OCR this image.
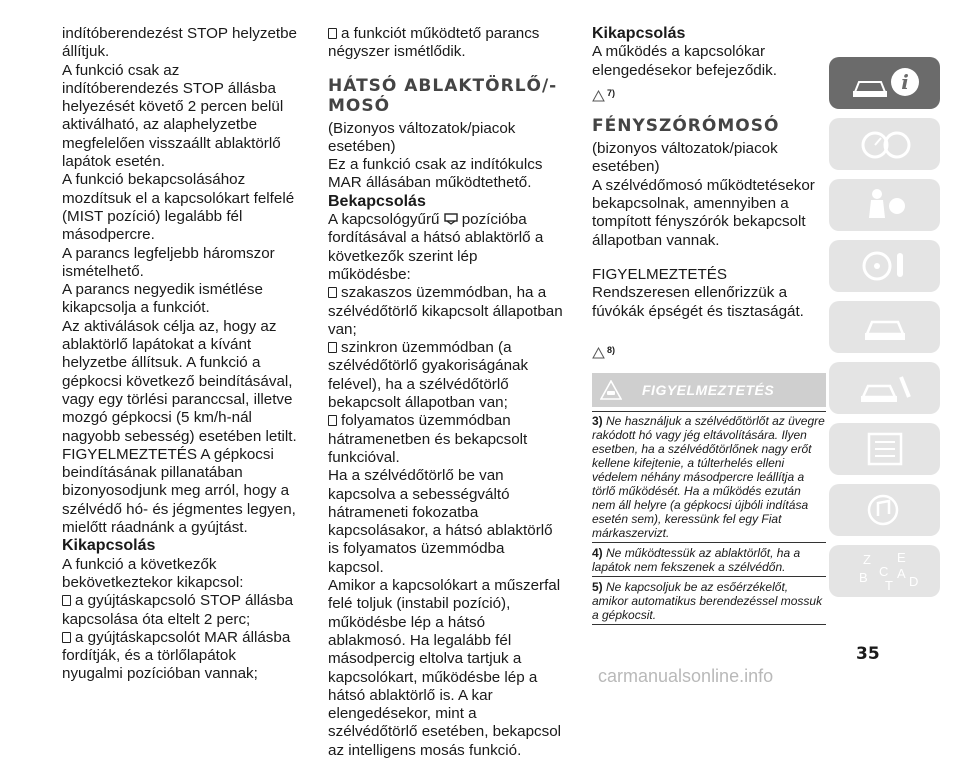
indítóberendezést STOP helyzetbe állítjuk.

A funkció csak az indítóberendezés STOP állásba helyezését követő 2 percen belül aktiválható, az alaphelyzetbe megfelelően visszaállt ablaktörlő lapátok esetén.

A funkció bekapcsolásához mozdítsuk el a kapcsolókart felfelé (MIST pozíció) legalább fél másodpercre.

A parancs legfeljebb háromszor ismételhető.

A parancs negyedik ismétlése kikapcsolja a funkciót.

Az aktiválások célja az, hogy az ablaktörlő lapátokat a kívánt helyzetbe állítsuk. A funkció a gépkocsi következő beindításával, vagy egy törlési paranccsal, illetve mozgó gépkocsi (5 km/h-nál nagyobb sebesség) esetében letilt.

FIGYELMEZTETÉS A gépkocsi beindításának pillanatában bizonyosodjunk meg arról, hogy a szélvédő hó- és jégmentes legyen, mielőtt ráadnánk a gyújtást.

Kikapcsolás

A funkció a következők bekövetkeztekor kikapcsol:

a gyújtáskapcsoló STOP állásba kapcsolása óta eltelt 2 perc;

a gyújtáskapcsolót MAR állásba fordítják, és a törlőlapátok nyugalmi pozícióban vannak;

a funkciót működtető parancs négyszer ismétlődik.

HÁTSÓ ABLAKTÖRLŐ/-MOSÓ

(Bizonyos változatok/piacok esetében)

Ez a funkció csak az indítókulcs MAR állásában működtethető.

Bekapcsolás

A kapcsológyűrű pozícióba fordításával a hátsó ablaktörlő a következők szerint lép működésbe:

szakaszos üzemmódban, ha a szélvédőtörlő kikapcsolt állapotban van;

szinkron üzemmódban (a szélvédőtörlő gyakoriságának felével), ha a szélvédőtörlő bekapcsolt állapotban van;

folyamatos üzemmódban hátramenetben és bekapcsolt funkcióval.

Ha a szélvédőtörlő be van kapcsolva a sebességváltó hátrameneti fokozatba kapcsolásakor, a hátsó ablaktörlő is folyamatos üzemmódba kapcsol.

Amikor a kapcsolókart a műszerfal felé toljuk (instabil pozíció), működésbe lép a hátsó ablakmosó. Ha legalább fél másodpercig eltolva tartjuk a kapcsolókart, működésbe lép a hátsó ablaktörlő is. A kar elengedésekor, mint a szélvédőtörlő esetében, bekapcsol az intelligens mosás funkció.

Kikapcsolás

A működés a kapcsolókar elengedésekor befejeződik.

7)

FÉNYSZÓRÓMOSÓ

(bizonyos változatok/piacok esetében)

A szélvédőmosó működtetésekor bekapcsolnak, amennyiben a tompított fényszórók bekapcsolt állapotban vannak.

FIGYELMEZTETÉS Rendszeresen ellenőrizzük a fúvókák épségét és tisztaságát.

8)
FIGYELMEZTETÉS
3) Ne használjuk a szélvédőtörlőt az üvegre rakódott hó vagy jég eltávolítására. Ilyen esetben, ha a szélvédőtörlőnek nagy erőt kellene kifejtenie, a túlterhelés elleni védelem néhány másodpercre leállítja a törlő működését. Ha a működés ezután nem áll helyre (a gépkocsi újbóli indítása esetén sem), keressünk fel egy Fiat márkaszervizt.
4) Ne működtessük az ablaktörlőt, ha a lapátok nem fekszenek a szélvédőn.
5) Ne kapcsoljuk be az esőérzékelőt, amikor automatikus berendezéssel mossuk a gépkocsit.
i
Z E
B C
T
A
D
35
carmanualsonline.info
